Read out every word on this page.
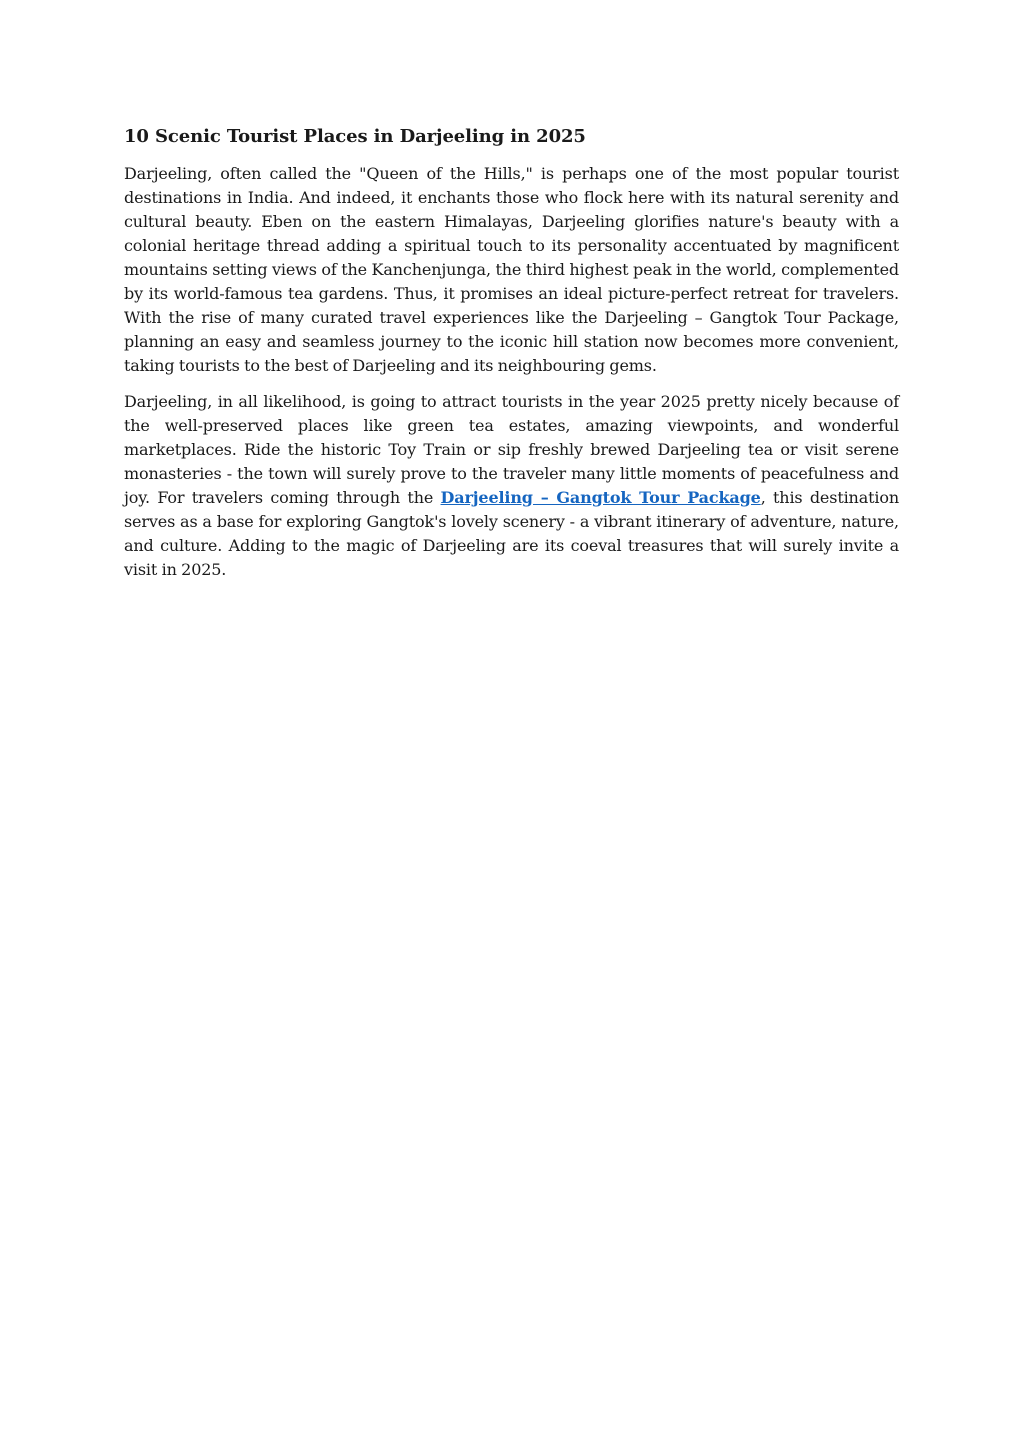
10 Scenic Tourist Places in Darjeeling in 2025

Darjeeling, often called the "Queen of the Hills," is perhaps one of the most popular tourist destinations in India. And indeed, it enchants those who flock here with its natural serenity and cultural beauty. Eben on the eastern Himalayas, Darjeeling glorifies nature's beauty with a colonial heritage thread adding a spiritual touch to its personality accentuated by magnificent mountains setting views of the Kanchenjunga, the third highest peak in the world, complemented by its world-famous tea gardens. Thus, it promises an ideal picture-perfect retreat for travelers. With the rise of many curated travel experiences like the Darjeeling – Gangtok Tour Package, planning an easy and seamless journey to the iconic hill station now becomes more convenient, taking tourists to the best of Darjeeling and its neighbouring gems.

Darjeeling, in all likelihood, is going to attract tourists in the year 2025 pretty nicely because of the well-preserved places like green tea estates, amazing viewpoints, and wonderful marketplaces. Ride the historic Toy Train or sip freshly brewed Darjeeling tea or visit serene monasteries - the town will surely prove to the traveler many little moments of peacefulness and joy. For travelers coming through the Darjeeling – Gangtok Tour Package, this destination serves as a base for exploring Gangtok's lovely scenery - a vibrant itinerary of adventure, nature, and culture. Adding to the magic of Darjeeling are its coeval treasures that will surely invite a visit in 2025.
